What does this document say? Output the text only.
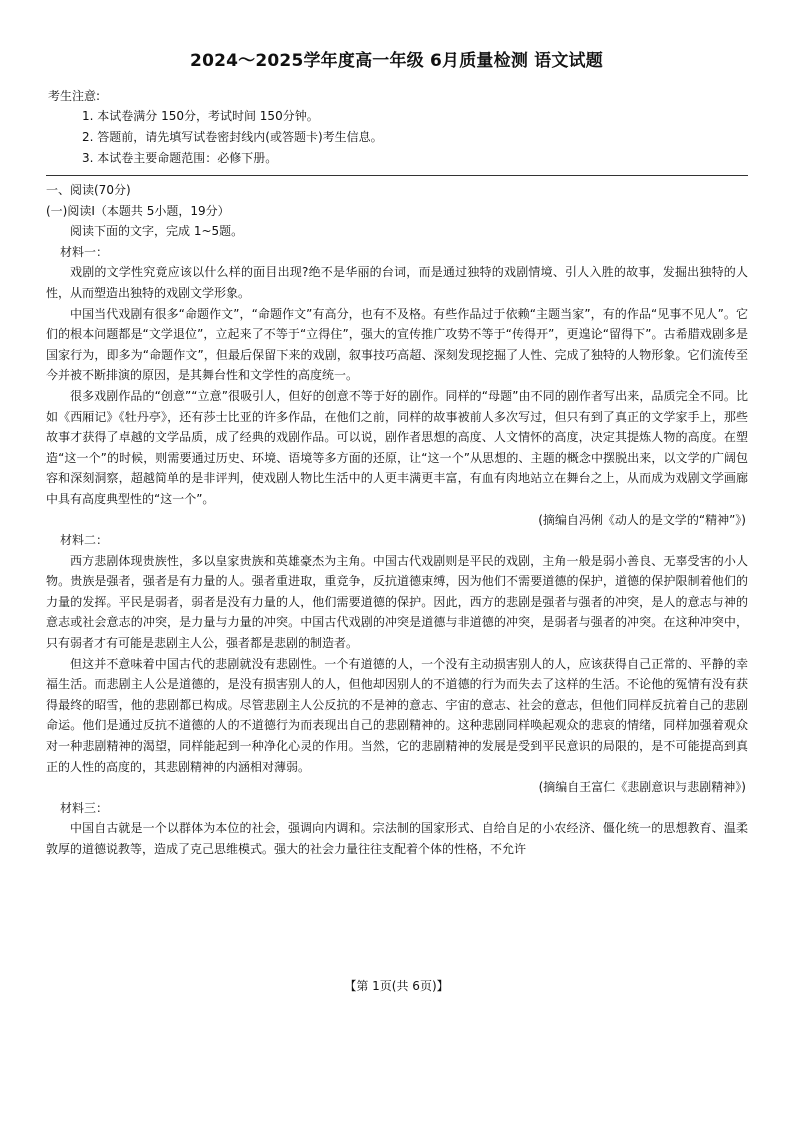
2024～2025学年度高一年级 6月质量检测 语文试题
考生注意:
1. 本试卷满分 150分，考试时间 150分钟。
2. 答题前，请先填写试卷密封线内(或答题卡)考生信息。
3. 本试卷主要命题范围：必修下册。
一、阅读(70分)
(一)阅读Ⅰ（本题共 5小题，19分）
阅读下面的文字，完成 1~5题。
材料一：
戏剧的文学性究竟应该以什么样的面目出现?绝不是华丽的台词，而是通过独特的戏剧情境、引人入胜的故事，发掘出独特的人性，从而塑造出独特的戏剧文学形象。
中国当代戏剧有很多“命题作文”，“命题作文”有高分，也有不及格。有些作品过于依赖“主题当家”，有的作品“见事不见人”。它们的根本问题都是“文学退位”，立起来了不等于“立得住”，强大的宣传推广攻势不等于“传得开”，更遑论“留得下”。古希腊戏剧多是国家行为，即多为“命题作文”，但最后保留下来的戏剧，叙事技巧高超、深刻发现挖掘了人性、完成了独特的人物形象。它们流传至今并被不断排演的原因，是其舞台性和文学性的高度统一。
很多戏剧作品的“创意”“立意”很吸引人，但好的创意不等于好的剧作。同样的“母题”由不同的剧作者写出来，品质完全不同。比如《西厢记》《牡丹亭》，还有莎士比亚的许多作品，在他们之前，同样的故事被前人多次写过，但只有到了真正的文学家手上，那些故事才获得了卓越的文学品质，成了经典的戏剧作品。可以说，剧作者思想的高度、人文情怀的高度，决定其提炼人物的高度。在塑造“这一个”的时候，则需要通过历史、环境、语境等多方面的还原，让“这一个”从思想的、主题的概念中摆脱出来，以文学的广阔包容和深刻洞察，超越简单的是非评判，使戏剧人物比生活中的人更丰满更丰富，有血有肉地站立在舞台之上，从而成为戏剧文学画廊中具有高度典型性的“这一个”。
(摘编自冯俐《动人的是文学的“精神”》)
材料二：
西方悲剧体现贵族性，多以皇家贵族和英雄豪杰为主角。中国古代戏剧则是平民的戏剧，主角一般是弱小善良、无辜受害的小人物。贵族是强者，强者是有力量的人。强者重进取，重竞争，反抗道德束缚，因为他们不需要道德的保护，道德的保护限制着他们的力量的发挥。平民是弱者，弱者是没有力量的人，他们需要道德的保护。因此，西方的悲剧是强者与强者的冲突，是人的意志与神的意志或社会意志的冲突，是力量与力量的冲突。中国古代戏剧的冲突是道德与非道德的冲突，是弱者与强者的冲突。在这种冲突中，只有弱者才有可能是悲剧主人公，强者都是悲剧的制造者。
但这并不意味着中国古代的悲剧就没有悲剧性。一个有道德的人，一个没有主动损害别人的人，应该获得自己正常的、平静的幸福生活。而悲剧主人公是道德的，是没有损害别人的人，但他却因别人的不道德的行为而失去了这样的生活。不论他的冤情有没有获得最终的昭雪，他的悲剧都已构成。尽管悲剧主人公反抗的不是神的意志、宇宙的意志、社会的意志，但他们同样反抗着自己的悲剧命运。他们是通过反抗不道德的人的不道德行为而表现出自己的悲剧精神的。这种悲剧同样唤起观众的悲哀的情绪，同样加强着观众对一种悲剧精神的渴望，同样能起到一种净化心灵的作用。当然，它的悲剧精神的发展是受到平民意识的局限的，是不可能提高到真正的人性的高度的，其悲剧精神的内涵相对薄弱。
(摘编自王富仁《悲剧意识与悲剧精神》)
材料三：
中国自古就是一个以群体为本位的社会，强调向内调和。宗法制的国家形式、自给自足的小农经济、僵化统一的思想教育、温柔敦厚的道德说教等，造成了克己思维模式。强大的社会力量往往支配着个体的性格，不允许
【第 1页(共 6页)】
